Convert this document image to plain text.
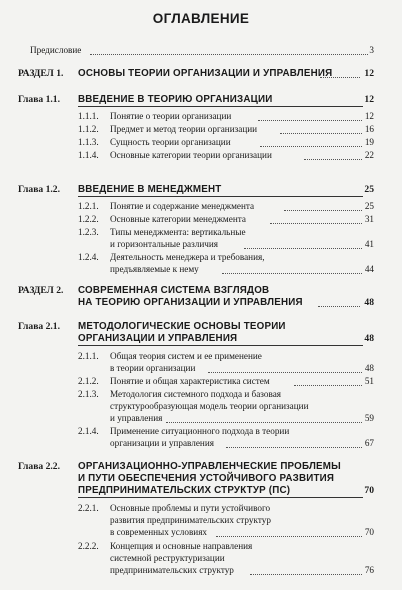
ОГЛАВЛЕНИЕ
Предисловие	3
РАЗДЕЛ 1. ОСНОВЫ ТЕОРИИ ОРГАНИЗАЦИИ И УПРАВЛЕНИЯ	12
Глава 1.1. ВВЕДЕНИЕ В ТЕОРИЮ ОРГАНИЗАЦИИ	12
1.1.1. Понятие о теории организации	12
1.1.2. Предмет и метод теории организации	16
1.1.3. Сущность теории организации	19
1.1.4. Основные категории теории организации	22
Глава 1.2. ВВЕДЕНИЕ В МЕНЕДЖМЕНТ	25
1.2.1. Понятие и содержание менеджмента	25
1.2.2. Основные категории менеджмента	31
1.2.3. Типы менеджмента: вертикальные
и горизонтальные различия	41
1.2.4. Деятельность менеджера и требования,
предъявляемые к нему	44
РАЗДЕЛ 2. СОВРЕМЕННАЯ СИСТЕМА ВЗГЛЯДОВ
НА ТЕОРИЮ ОРГАНИЗАЦИИ И УПРАВЛЕНИЯ	48
Глава 2.1. МЕТОДОЛОГИЧЕСКИЕ ОСНОВЫ ТЕОРИИ
ОРГАНИЗАЦИИ И УПРАВЛЕНИЯ	48
2.1.1. Общая теория систем и ее применение
в теории организации	48
2.1.2. Понятие и общая характеристика систем	51
2.1.3. Методология системного подхода и базовая
структурообразующая модель теории организации
и управления	59
2.1.4. Применение ситуационного подхода в теории
организации и управления	67
Глава 2.2. ОРГАНИЗАЦИОННО-УПРАВЛЕНЧЕСКИЕ ПРОБЛЕМЫ
И ПУТИ ОБЕСПЕЧЕНИЯ УСТОЙЧИВОГО РАЗВИТИЯ
ПРЕДПРИНИМАТЕЛЬСКИХ СТРУКТУР (ПС)	70
2.2.1. Основные проблемы и пути устойчивого
развития предпринимательских структур
в современных условиях	70
2.2.2. Концепция и основные направления
системной реструктуризации
предпринимательских структур	76
